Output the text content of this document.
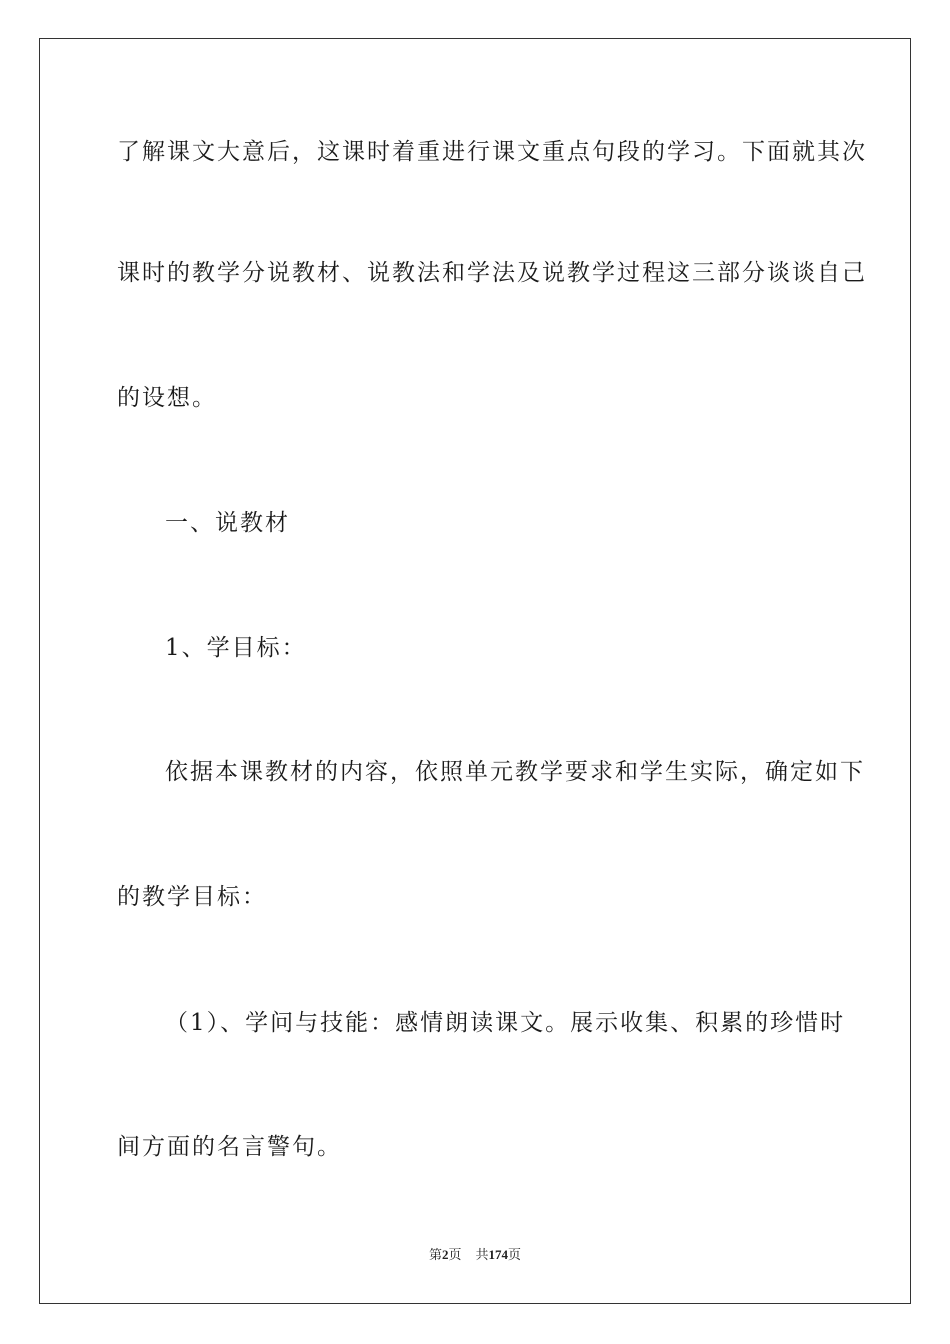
了解课文大意后，这课时着重进行课文重点句段的学习。下面就其次
课时的教学分说教材、说教法和学法及说教学过程这三部分谈谈自己
的设想。
一、说教材
1、学目标：
依据本课教材的内容，依照单元教学要求和学生实际，确定如下
的教学目标：
（1）、学问与技能：感情朗读课文。展示收集、积累的珍惜时
间方面的名言警句。
第2页 共174页
